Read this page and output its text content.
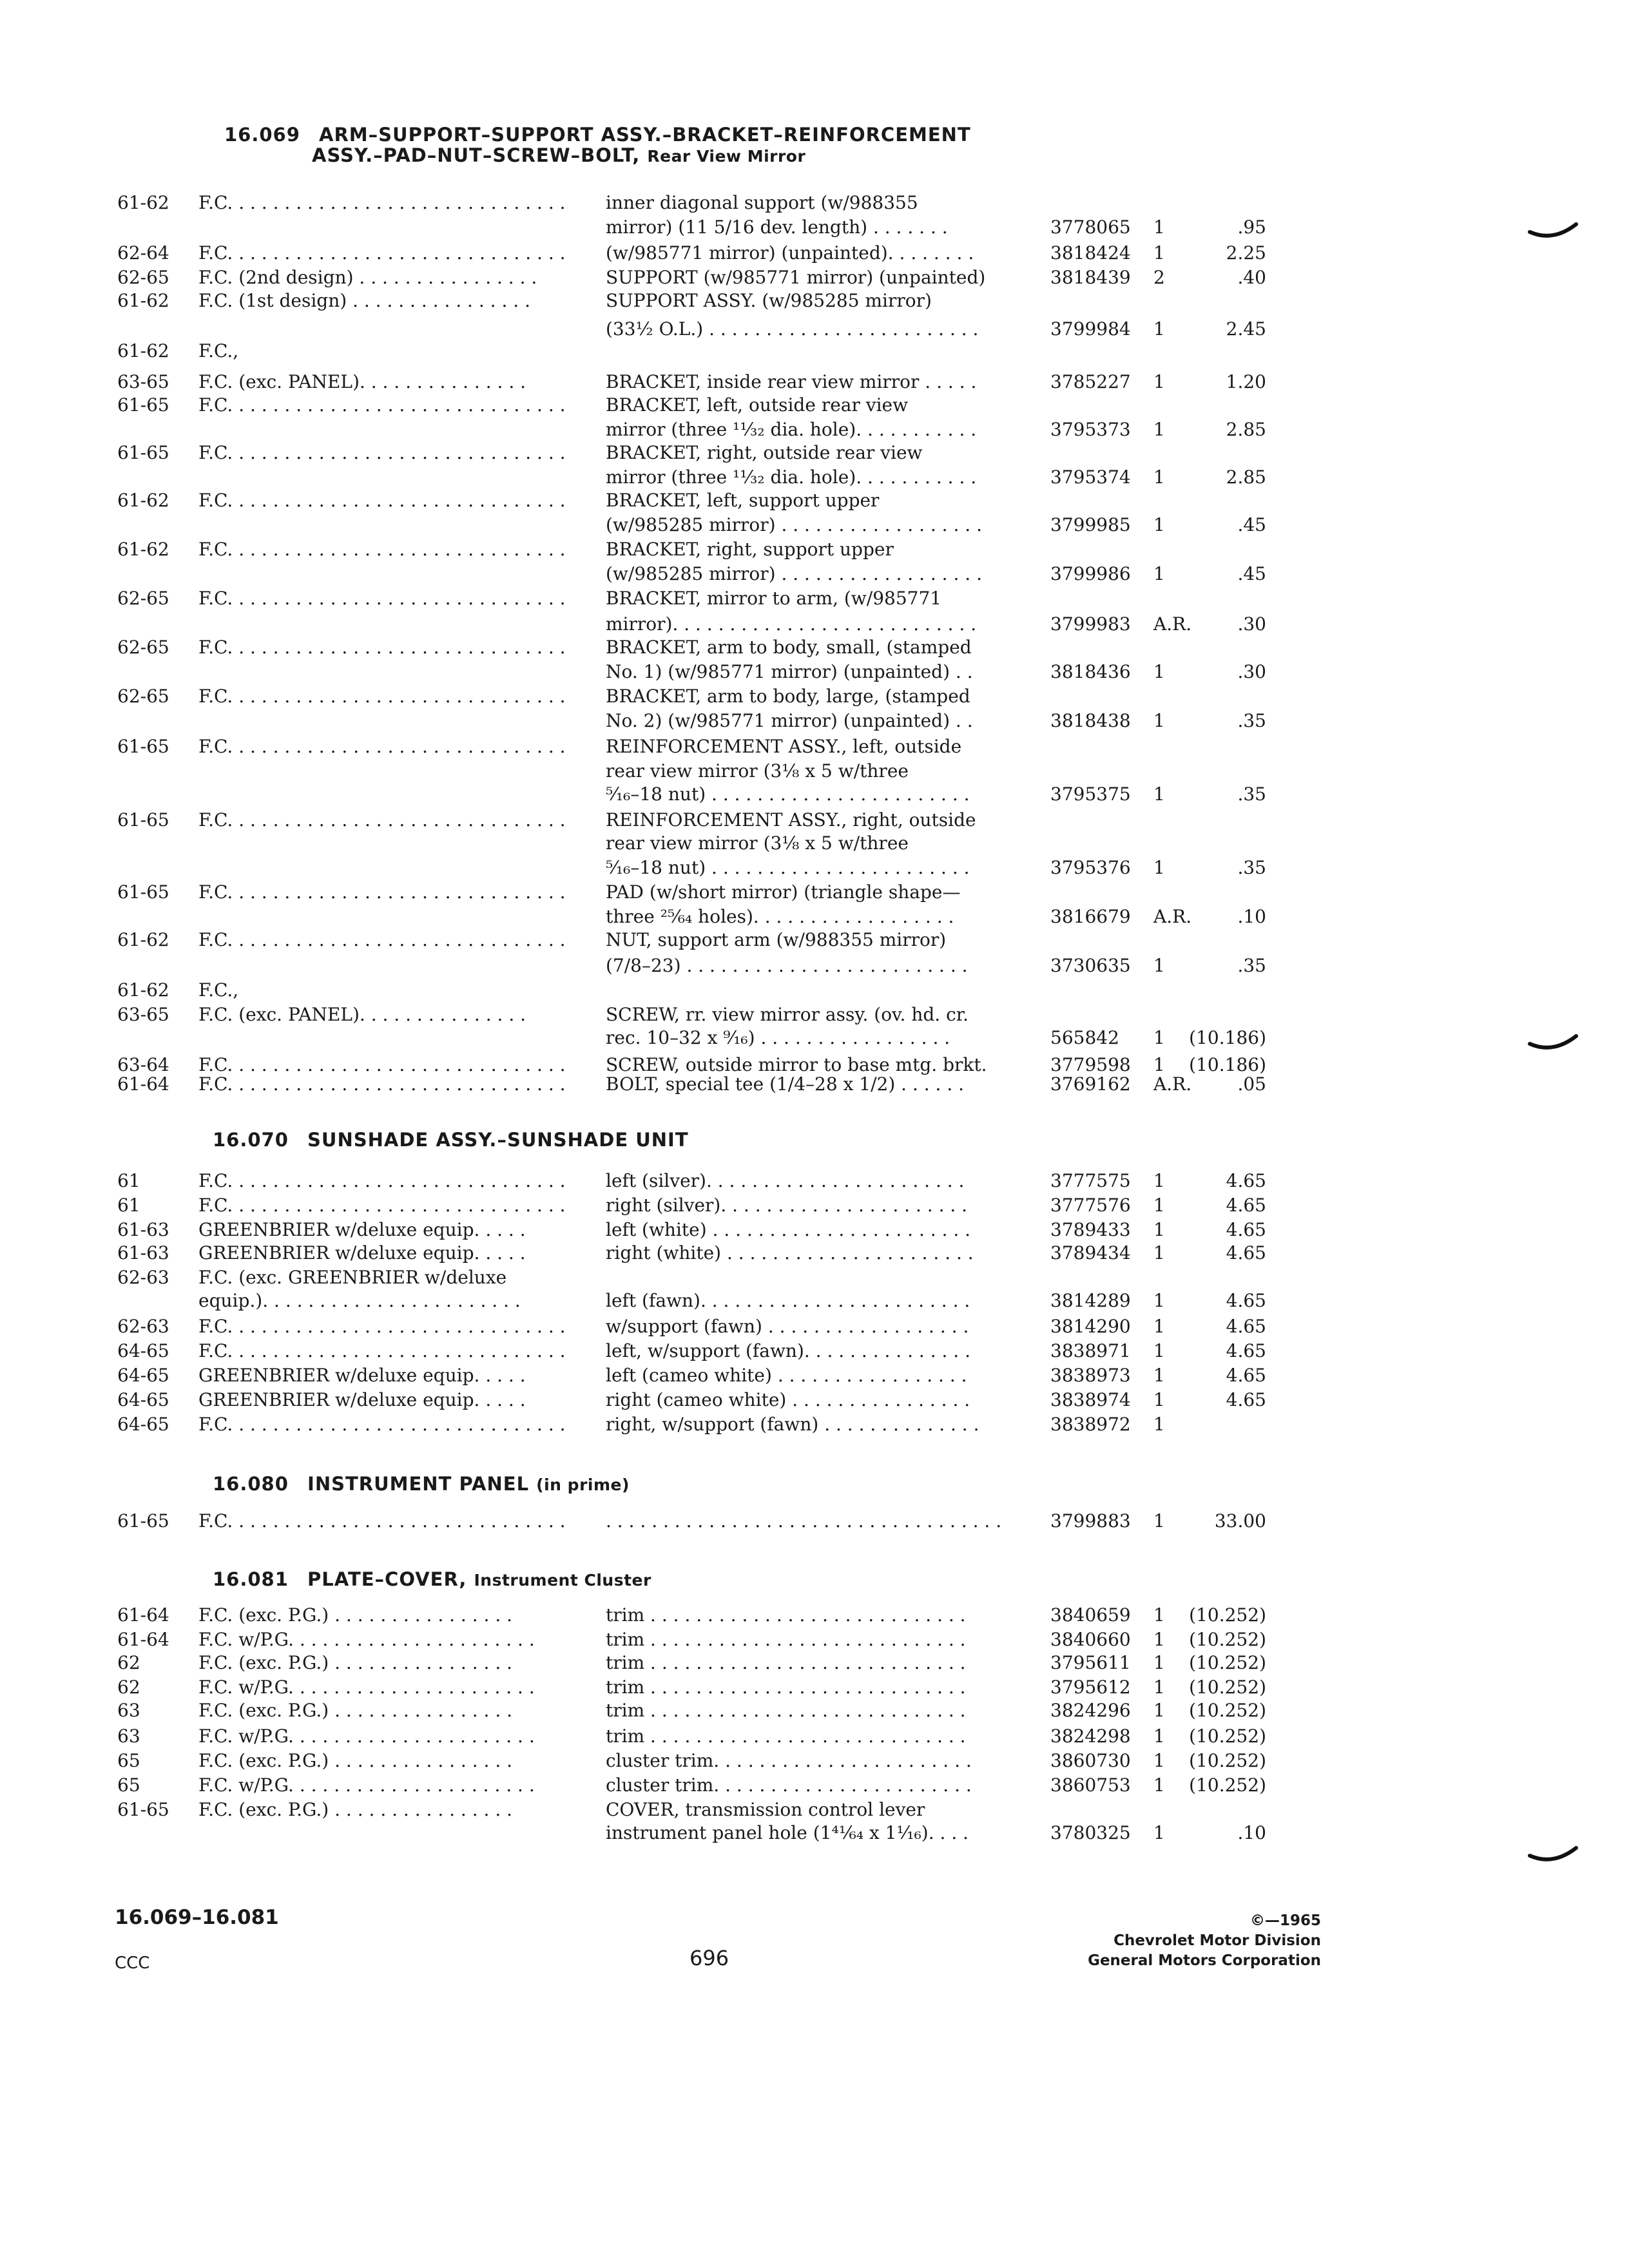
16.069 ARM–SUPPORT–SUPPORT ASSY.–BRACKET–REINFORCEMENT
ASSY.–PAD–NUT–SCREW–BOLT, Rear View Mirror
16.070 SUNSHADE ASSY.–SUNSHADE UNIT
16.080 INSTRUMENT PANEL (in prime)
16.081 PLATE–COVER, Instrument Cluster
61-62 F.C. . . . . . . . . . . . . . . . . . . . . . . . . . . . . .	inner diagonal support (w/988355
mirror) (11 5/16 dev. length) . . . . . . .	3778065 1	.95
62-64 F.C. . . . . . . . . . . . . . . . . . . . . . . . . . . . . .	(w/985771 mirror) (unpainted). . . . . . . .	3818424 1	2.25
62-65 F.C. (2nd design) . . . . . . . . . . . . . . . .	SUPPORT (w/985771 mirror) (unpainted)	3818439 2	.40
61-62 F.C. (1st design) . . . . . . . . . . . . . . . .	SUPPORT ASSY. (w/985285 mirror)
(33½ O.L.) . . . . . . . . . . . . . . . . . . . . . . . .	3799984 1	2.45
61-62 F.C.,
63-65 F.C. (exc. PANEL). . . . . . . . . . . . . . .	BRACKET, inside rear view mirror . . . . .	3785227 1	1.20
61-65 F.C. . . . . . . . . . . . . . . . . . . . . . . . . . . . . .	BRACKET, left, outside rear view
mirror (three ¹¹⁄₃₂ dia. hole). . . . . . . . . . .	3795373 1	2.85
61-65 F.C. . . . . . . . . . . . . . . . . . . . . . . . . . . . . .	BRACKET, right, outside rear view
mirror (three ¹¹⁄₃₂ dia. hole). . . . . . . . . . .	3795374 1	2.85
61-62 F.C. . . . . . . . . . . . . . . . . . . . . . . . . . . . . .	BRACKET, left, support upper
(w/985285 mirror) . . . . . . . . . . . . . . . . . .	3799985 1	.45
61-62 F.C. . . . . . . . . . . . . . . . . . . . . . . . . . . . . .	BRACKET, right, support upper
(w/985285 mirror) . . . . . . . . . . . . . . . . . .	3799986 1	.45
62-65 F.C. . . . . . . . . . . . . . . . . . . . . . . . . . . . . .	BRACKET, mirror to arm, (w/985771
mirror). . . . . . . . . . . . . . . . . . . . . . . . . . .	3799983 A.R.	.30
62-65 F.C. . . . . . . . . . . . . . . . . . . . . . . . . . . . . .	BRACKET, arm to body, small, (stamped
No. 1) (w/985771 mirror) (unpainted) . .	3818436 1	.30
62-65 F.C. . . . . . . . . . . . . . . . . . . . . . . . . . . . . .	BRACKET, arm to body, large, (stamped
No. 2) (w/985771 mirror) (unpainted) . .	3818438 1	.35
61-65 F.C. . . . . . . . . . . . . . . . . . . . . . . . . . . . . .	REINFORCEMENT ASSY., left, outside
rear view mirror (3⅛ x 5 w/three
⁵⁄₁₆–18 nut) . . . . . . . . . . . . . . . . . . . . . . .	3795375 1	.35
61-65 F.C. . . . . . . . . . . . . . . . . . . . . . . . . . . . . .	REINFORCEMENT ASSY., right, outside
rear view mirror (3⅛ x 5 w/three
⁵⁄₁₆–18 nut) . . . . . . . . . . . . . . . . . . . . . . .	3795376 1	.35
61-65 F.C. . . . . . . . . . . . . . . . . . . . . . . . . . . . . .	PAD (w/short mirror) (triangle shape—
three ²⁵⁄₆₄ holes). . . . . . . . . . . . . . . . . .	3816679 A.R.	.10
61-62 F.C. . . . . . . . . . . . . . . . . . . . . . . . . . . . . .	NUT, support arm (w/988355 mirror)
(7/8–23) . . . . . . . . . . . . . . . . . . . . . . . . .	3730635 1	.35
61-62 F.C.,
63-65 F.C. (exc. PANEL). . . . . . . . . . . . . . .	SCREW, rr. view mirror assy. (ov. hd. cr.
rec. 10–32 x ⁹⁄₁₆) . . . . . . . . . . . . . . . . .	565842 1	(10.186)
63-64 F.C. . . . . . . . . . . . . . . . . . . . . . . . . . . . . .	SCREW, outside mirror to base mtg. brkt.	3779598 1	(10.186)
61-64 F.C. . . . . . . . . . . . . . . . . . . . . . . . . . . . . .	BOLT, special tee (1/4–28 x 1/2) . . . . . .	3769162 A.R.	.05
61	F.C. . . . . . . . . . . . . . . . . . . . . . . . . . . . . .	left (silver). . . . . . . . . . . . . . . . . . . . . . .	3777575 1	4.65
61	F.C. . . . . . . . . . . . . . . . . . . . . . . . . . . . . .	right (silver). . . . . . . . . . . . . . . . . . . . . .	3777576 1	4.65
61-63 GREENBRIER w/deluxe equip. . . . .	left (white) . . . . . . . . . . . . . . . . . . . . . . .	3789433 1	4.65
61-63 GREENBRIER w/deluxe equip. . . . .	right (white) . . . . . . . . . . . . . . . . . . . . . .	3789434 1	4.65
62-63 F.C. (exc. GREENBRIER w/deluxe
equip.). . . . . . . . . . . . . . . . . . . . . . .	left (fawn). . . . . . . . . . . . . . . . . . . . . . . .	3814289 1	4.65
62-63 F.C. . . . . . . . . . . . . . . . . . . . . . . . . . . . . .	w/support (fawn) . . . . . . . . . . . . . . . . . .	3814290 1	4.65
64-65 F.C. . . . . . . . . . . . . . . . . . . . . . . . . . . . . .	left, w/support (fawn). . . . . . . . . . . . . . .	3838971 1	4.65
64-65 GREENBRIER w/deluxe equip. . . . .	left (cameo white) . . . . . . . . . . . . . . . . .	3838973 1	4.65
64-65 GREENBRIER w/deluxe equip. . . . .	right (cameo white) . . . . . . . . . . . . . . . .	3838974 1	4.65
64-65 F.C. . . . . . . . . . . . . . . . . . . . . . . . . . . . . .	right, w/support (fawn) . . . . . . . . . . . . . .	3838972 1
61-65 F.C. . . . . . . . . . . . . . . . . . . . . . . . . . . . . .	. . . . . . . . . . . . . . . . . . . . . . . . . . . . . . . . . . .	3799883 1	33.00
61-64 F.C. (exc. P.G.) . . . . . . . . . . . . . . . .	trim . . . . . . . . . . . . . . . . . . . . . . . . . . . .	3840659 1	(10.252)
61-64 F.C. w/P.G. . . . . . . . . . . . . . . . . . . . . .	trim . . . . . . . . . . . . . . . . . . . . . . . . . . . .	3840660 1	(10.252)
62	F.C. (exc. P.G.) . . . . . . . . . . . . . . . .	trim . . . . . . . . . . . . . . . . . . . . . . . . . . . .	3795611 1	(10.252)
62	F.C. w/P.G. . . . . . . . . . . . . . . . . . . . . .	trim . . . . . . . . . . . . . . . . . . . . . . . . . . . .	3795612 1	(10.252)
63	F.C. (exc. P.G.) . . . . . . . . . . . . . . . .	trim . . . . . . . . . . . . . . . . . . . . . . . . . . . .	3824296 1	(10.252)
63	F.C. w/P.G. . . . . . . . . . . . . . . . . . . . . .	trim . . . . . . . . . . . . . . . . . . . . . . . . . . . .	3824298 1	(10.252)
65	F.C. (exc. P.G.) . . . . . . . . . . . . . . . .	cluster trim. . . . . . . . . . . . . . . . . . . . . . .	3860730 1	(10.252)
65	F.C. w/P.G. . . . . . . . . . . . . . . . . . . . . .	cluster trim. . . . . . . . . . . . . . . . . . . . . . .	3860753 1	(10.252)
61-65 F.C. (exc. P.G.) . . . . . . . . . . . . . . . .	COVER, transmission control lever
instrument panel hole (1⁴¹⁄₆₄ x 1¹⁄₁₆). . . .	3780325 1	.10
16.069–16.081
CCC	696
©—1965
Chevrolet Motor Division
General Motors Corporation
